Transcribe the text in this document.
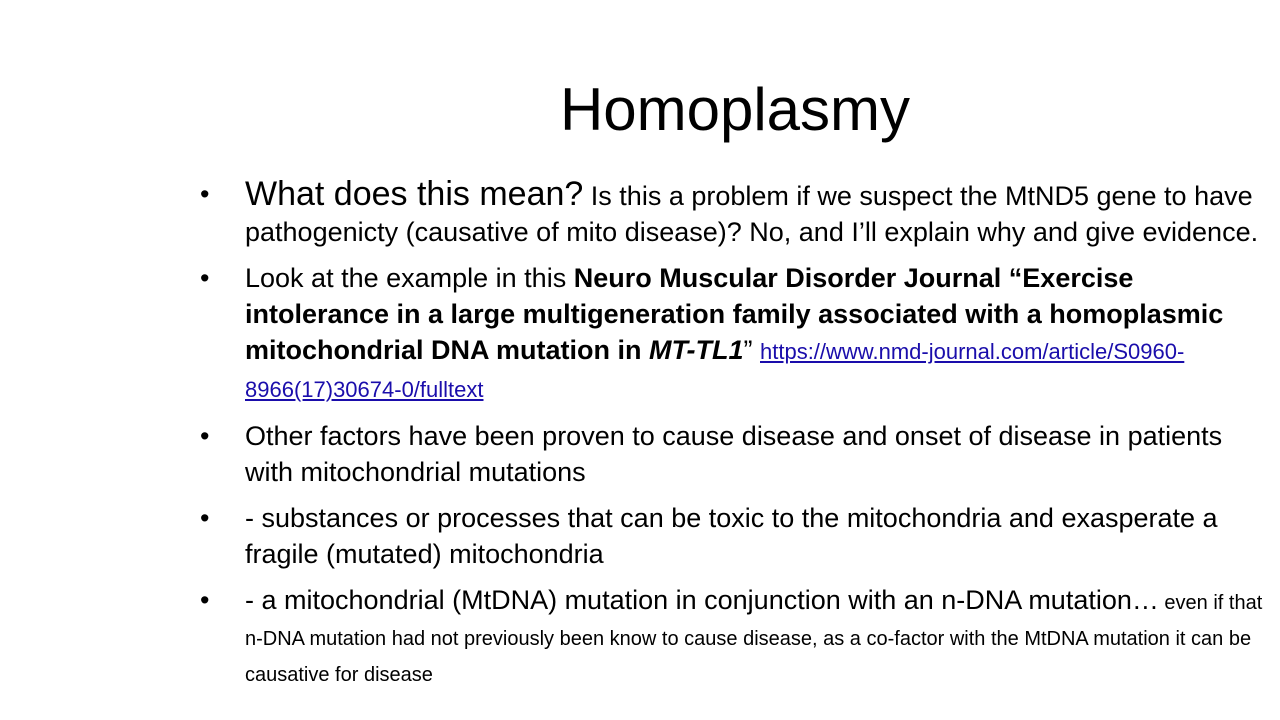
Homoplasmy
• What does this mean? Is this a problem if we suspect the MtND5 gene to have pathogenicty (causative of mito disease)? No, and I’ll explain why and give evidence.
• Look at the example in this Neuro Muscular Disorder Journal “Exercise intolerance in a large multigeneration family associated with a homoplasmic mitochondrial DNA mutation in MT-TL1” https://www.nmd-journal.com/article/S0960-8966(17)30674-0/fulltext
• Other factors have been proven to cause disease and onset of disease in patients with mitochondrial mutations
• - substances or processes that can be toxic to the mitochondria and exasperate a fragile (mutated) mitochondria
• - a mitochondrial (MtDNA) mutation in conjunction with an n-DNA mutation… even if that n-DNA mutation had not previously been know to cause disease, as a co-factor with the MtDNA mutation it can be causative for disease
